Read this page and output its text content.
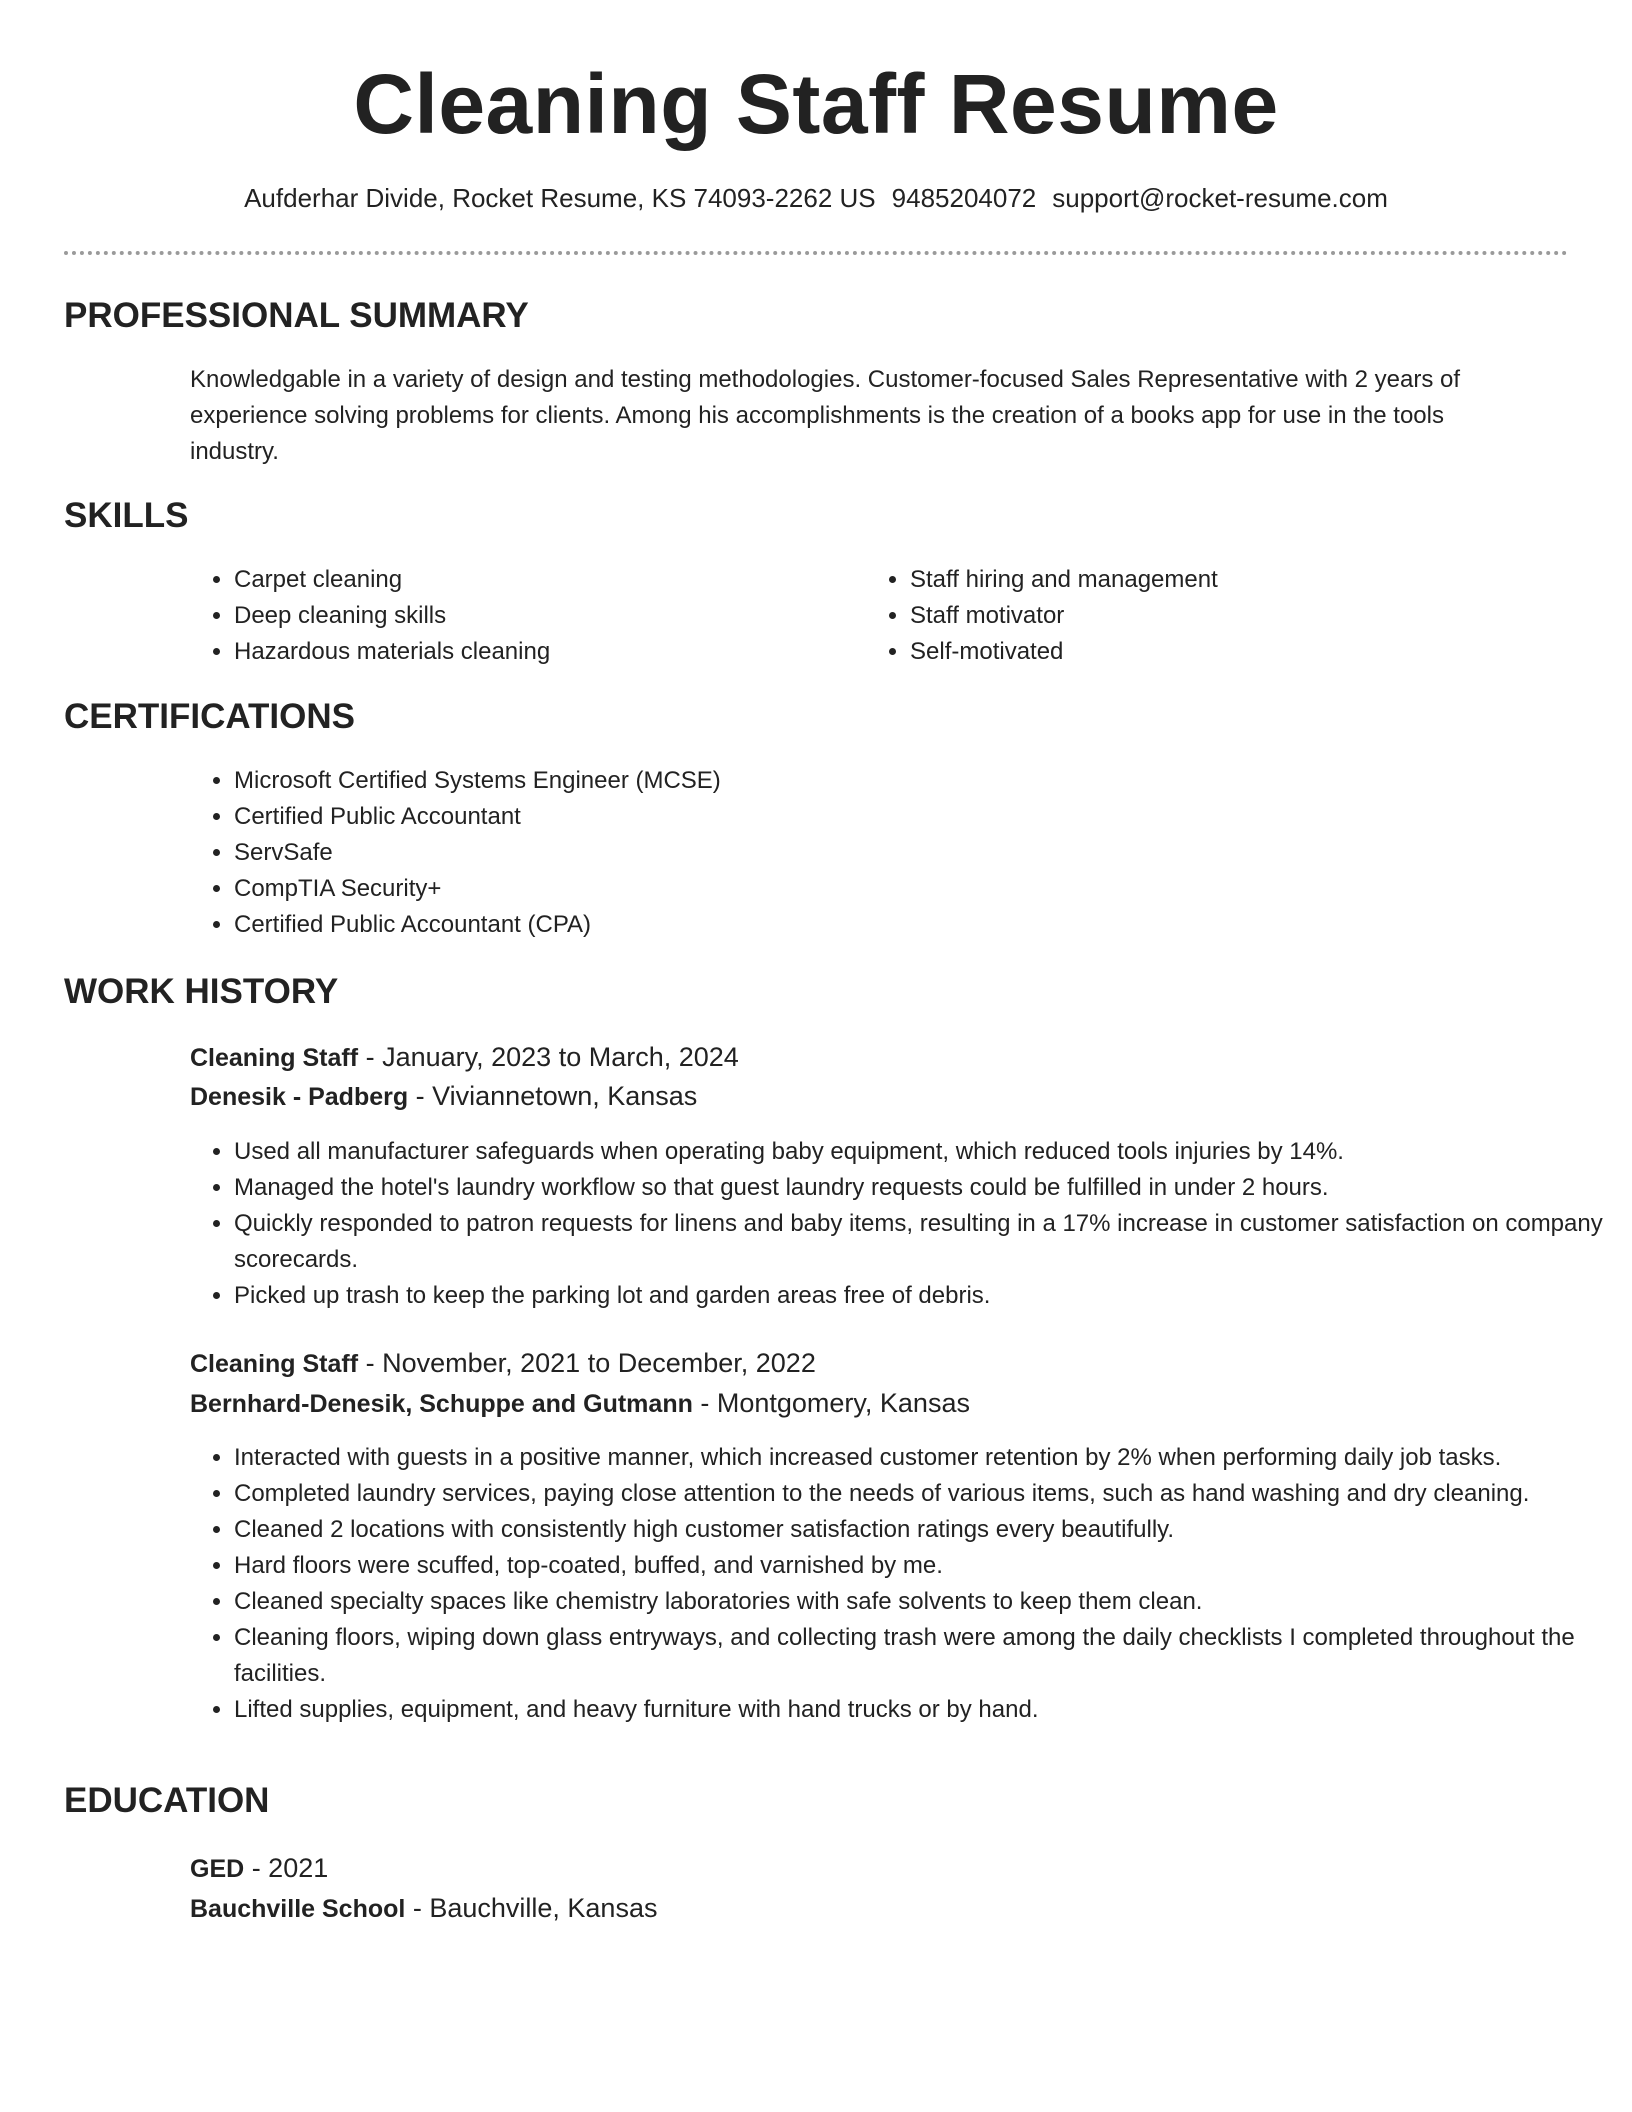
Cleaning Staff Resume
Aufderhar Divide, Rocket Resume, KS 74093-2262 US 9485204072 support@rocket-resume.com
PROFESSIONAL SUMMARY
Knowledgable in a variety of design and testing methodologies. Customer-focused Sales Representative with 2 years of experience solving problems for clients. Among his accomplishments is the creation of a books app for use in the tools industry.
SKILLS
• Carpet cleaning
• Deep cleaning skills
• Hazardous materials cleaning
• Staff hiring and management
• Staff motivator
• Self-motivated
CERTIFICATIONS
• Microsoft Certified Systems Engineer (MCSE)
• Certified Public Accountant
• ServSafe
• CompTIA Security+
• Certified Public Accountant (CPA)
WORK HISTORY
Cleaning Staff - January, 2023 to March, 2024
Denesik - Padberg - Viviannetown, Kansas
• Used all manufacturer safeguards when operating baby equipment, which reduced tools injuries by 14%.
• Managed the hotel's laundry workflow so that guest laundry requests could be fulfilled in under 2 hours.
• Quickly responded to patron requests for linens and baby items, resulting in a 17% increase in customer satisfaction on company scorecards.
• Picked up trash to keep the parking lot and garden areas free of debris.
Cleaning Staff - November, 2021 to December, 2022
Bernhard-Denesik, Schuppe and Gutmann - Montgomery, Kansas
• Interacted with guests in a positive manner, which increased customer retention by 2% when performing daily job tasks.
• Completed laundry services, paying close attention to the needs of various items, such as hand washing and dry cleaning.
• Cleaned 2 locations with consistently high customer satisfaction ratings every beautifully.
• Hard floors were scuffed, top-coated, buffed, and varnished by me.
• Cleaned specialty spaces like chemistry laboratories with safe solvents to keep them clean.
• Cleaning floors, wiping down glass entryways, and collecting trash were among the daily checklists I completed throughout the facilities.
• Lifted supplies, equipment, and heavy furniture with hand trucks or by hand.
EDUCATION
GED - 2021
Bauchville School - Bauchville, Kansas
